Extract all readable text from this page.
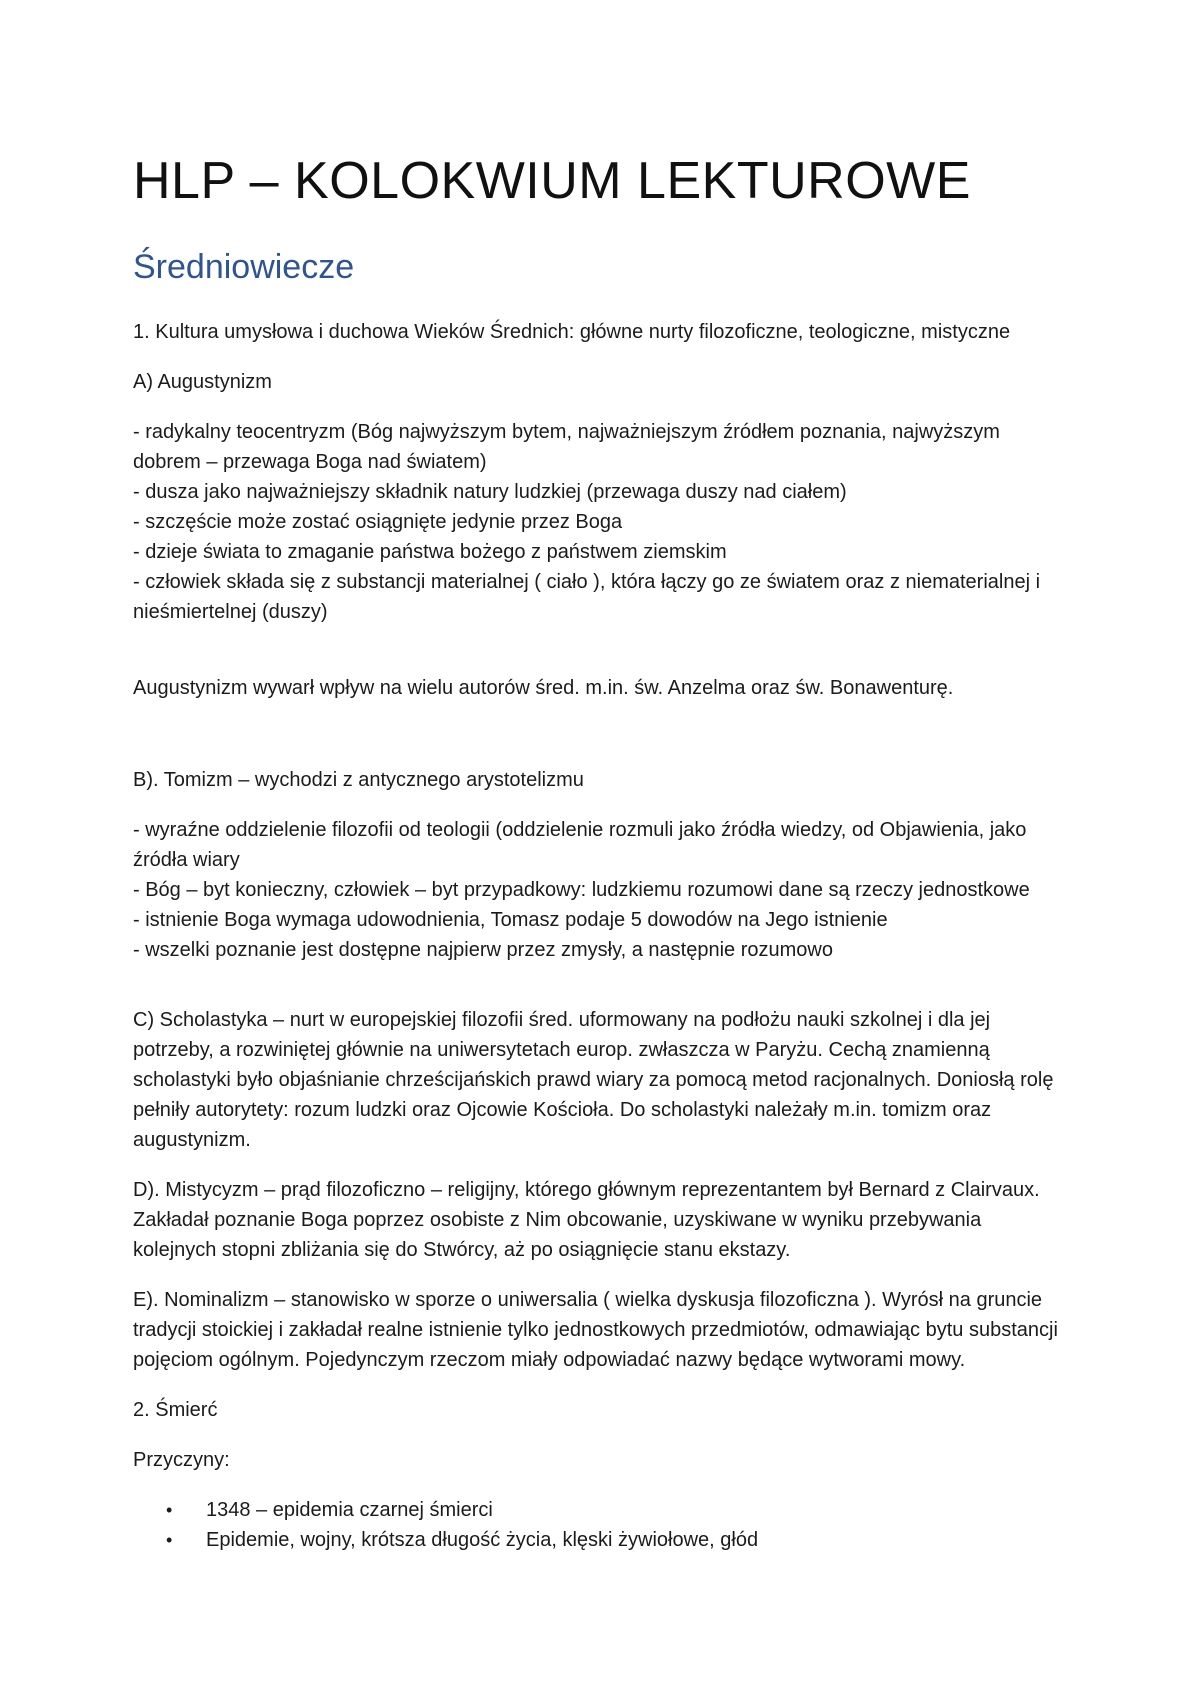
HLP – KOLOKWIUM LEKTUROWE
Średniowiecze

1. Kultura umysłowa i duchowa Wieków Średnich: główne nurty filozoficzne, teologiczne, mistyczne

A) Augustynizm

- radykalny teocentryzm (Bóg najwyższym bytem, najważniejszym źródłem poznania, najwyższym dobrem – przewaga Boga nad światem)
- dusza jako najważniejszy składnik natury ludzkiej (przewaga duszy nad ciałem)
- szczęście może zostać osiągnięte jedynie przez Boga
- dzieje świata to zmaganie państwa bożego z państwem ziemskim
- człowiek składa się z substancji materialnej ( ciało ), która łączy go ze światem oraz z niematerialnej i nieśmiertelnej (duszy)

Augustynizm wywarł wpływ na wielu autorów śred. m.in. św. Anzelma oraz św. Bonawenturę.

B). Tomizm – wychodzi z antycznego arystotelizmu

- wyraźne oddzielenie filozofii od teologii (oddzielenie rozmuli jako źródła wiedzy, od Objawienia, jako źródła wiary
- Bóg – byt konieczny, człowiek – byt przypadkowy: ludzkiemu rozumowi dane są rzeczy jednostkowe
- istnienie Boga wymaga udowodnienia, Tomasz podaje 5 dowodów na Jego istnienie
- wszelki poznanie jest dostępne najpierw przez zmysły, a następnie rozumowo

C) Scholastyka – nurt w europejskiej filozofii śred. uformowany na podłożu nauki szkolnej i dla jej potrzeby, a rozwiniętej głównie na uniwersytetach europ. zwłaszcza w Paryżu. Cechą znamienną scholastyki było objaśnianie chrześcijańskich prawd wiary za pomocą metod racjonalnych. Doniosłą rolę pełniły autorytety: rozum ludzki oraz Ojcowie Kościoła. Do scholastyki należały m.in. tomizm oraz augustynizm.

D). Mistycyzm – prąd filozoficzno – religijny, którego głównym reprezentantem był Bernard z Clairvaux. Zakładał poznanie Boga poprzez osobiste z Nim obcowanie, uzyskiwane w wyniku przebywania kolejnych stopni zbliżania się do Stwórcy, aż po osiągnięcie stanu ekstazy.

E). Nominalizm – stanowisko w sporze o uniwersalia ( wielka dyskusja filozoficzna ). Wyrósł na gruncie tradycji stoickiej i zakładał realne istnienie tylko jednostkowych przedmiotów, odmawiając bytu substancji pojęciom ogólnym. Pojedynczym rzeczom miały odpowiadać nazwy będące wytworami mowy.

2. Śmierć

Przyczyny:

•	1348 – epidemia czarnej śmierci
•	Epidemie, wojny, krótsza długość życia, klęski żywiołowe, głód
